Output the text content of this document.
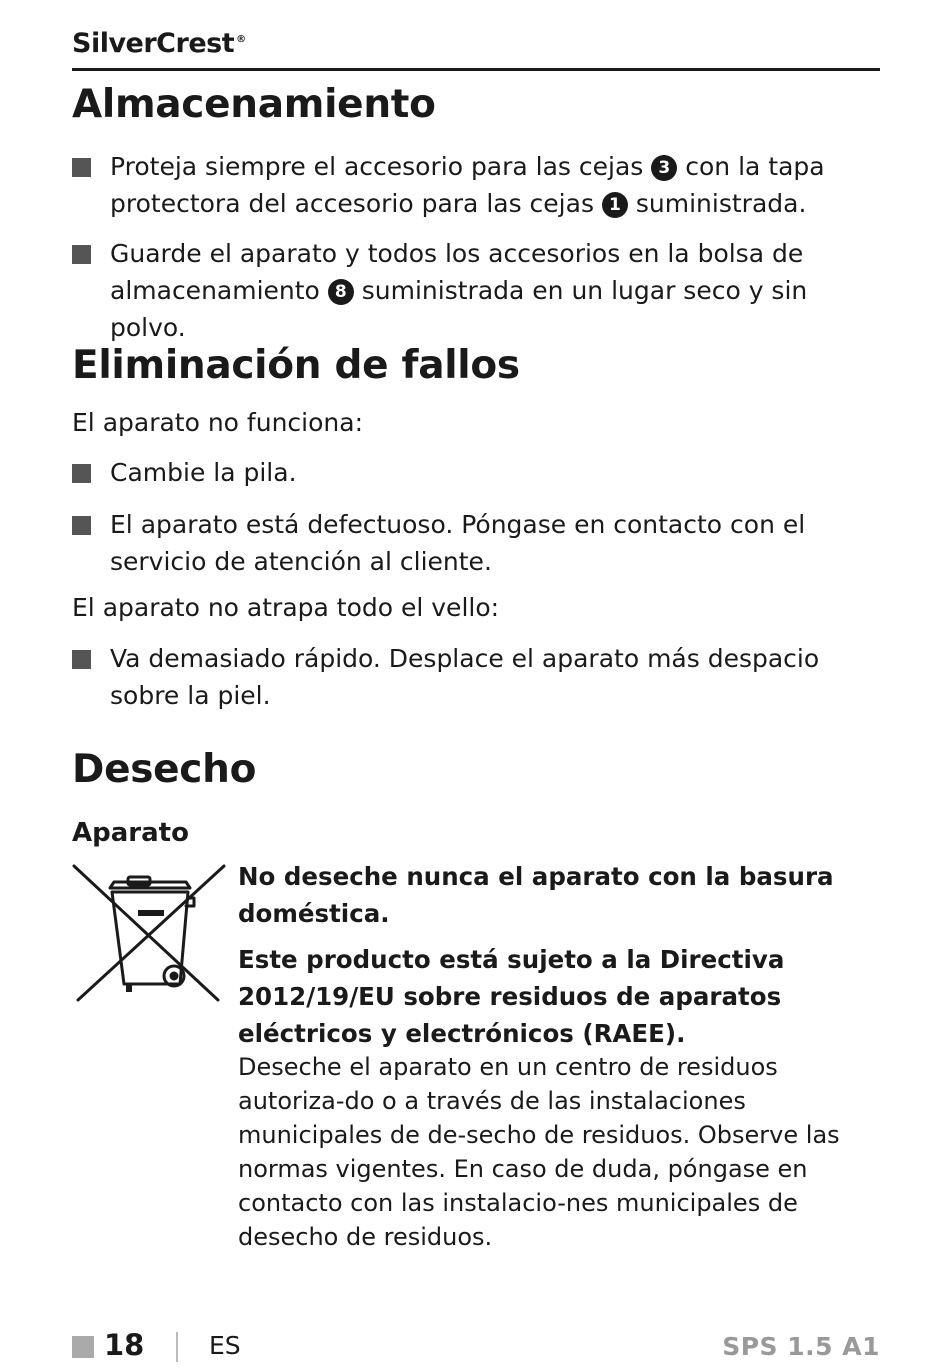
SilverCrest ®
Almacenamiento
Proteja siempre el accesorio para las cejas 3 con la tapa protectora del accesorio para las cejas 1 suministrada.
Guarde el aparato y todos los accesorios en la bolsa de almacenamiento 8 suministrada en un lugar seco y sin polvo.
Eliminación de fallos
El aparato no funciona:
Cambie la pila.
El aparato está defectuoso. Póngase en contacto con el servicio de atención al cliente.
El aparato no atrapa todo el vello:
Va demasiado rápido. Desplace el aparato más despacio sobre la piel.
Desecho
Aparato
No deseche nunca el aparato con la basura doméstica.
Este producto está sujeto a la Directiva 2012/19/EU sobre residuos de aparatos eléctricos y electrónicos (RAEE).
Deseche el aparato en un centro de residuos autoriza-do o a través de las instalaciones municipales de de-secho de residuos. Observe las normas vigentes. En caso de duda, póngase en contacto con las instalacio-nes municipales de desecho de residuos.
18	ES	SPS 1.5 A1
